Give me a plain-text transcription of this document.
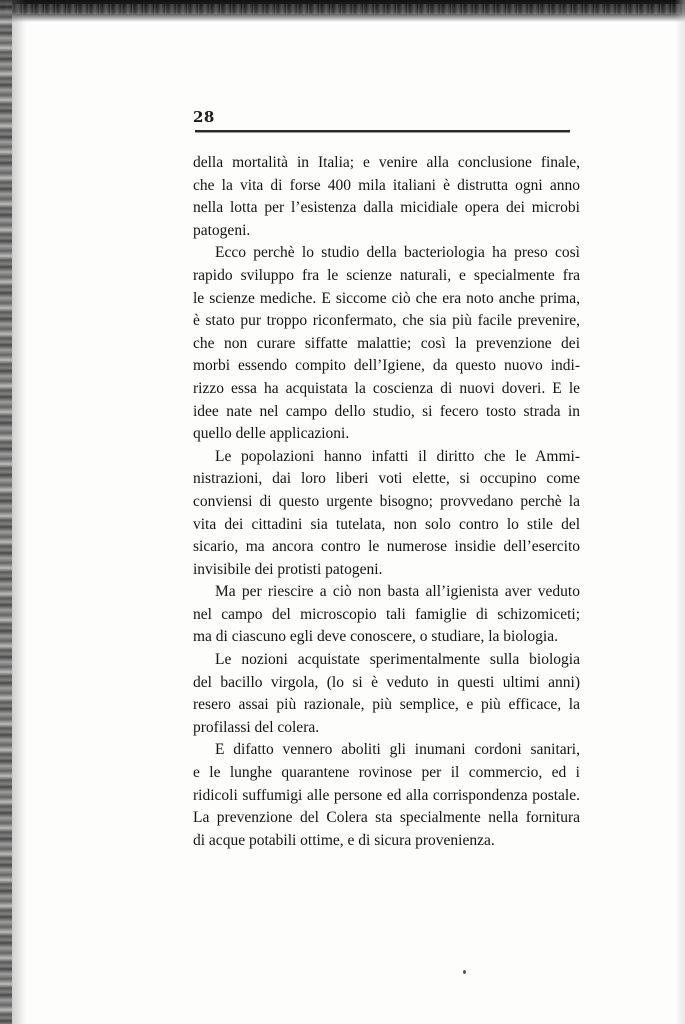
28
della mortalità in Italia; e venire alla conclusione finale,
che la vita di forse 400 mila italiani è distrutta ogni anno
nella lotta per l’esistenza dalla micidiale opera dei microbi
patogeni.
Ecco perchè lo studio della bacteriologia ha preso così
rapido sviluppo fra le scienze naturali, e specialmente fra
le scienze mediche. E siccome ciò che era noto anche prima,
è stato pur troppo riconfermato, che sia più facile prevenire,
che non curare siffatte malattie; così la prevenzione dei
morbi essendo compito dell’Igiene, da questo nuovo indi-
rizzo essa ha acquistata la coscienza di nuovi doveri. E le
idee nate nel campo dello studio, si fecero tosto strada in
quello delle applicazioni.
Le popolazioni hanno infatti il diritto che le Ammi-
nistrazioni, dai loro liberi voti elette, si occupino come
conviensi di questo urgente bisogno; provvedano perchè la
vita dei cittadini sia tutelata, non solo contro lo stile del
sicario, ma ancora contro le numerose insidie dell’esercito
invisibile dei protisti patogeni.
Ma per riescire a ciò non basta all’igienista aver veduto
nel campo del microscopio tali famiglie di schizomiceti;
ma di ciascuno egli deve conoscere, o studiare, la biologia.
Le nozioni acquistate sperimentalmente sulla biologia
del bacillo virgola, (lo si è veduto in questi ultimi anni)
resero assai più razionale, più semplice, e più efficace, la
profilassi del colera.
E difatto vennero aboliti gli inumani cordoni sanitari,
e le lunghe quarantene rovinose per il commercio, ed i
ridicoli suffumigi alle persone ed alla corrispondenza postale.
La prevenzione del Colera sta specialmente nella fornitura
di acque potabili ottime, e di sicura provenienza.
